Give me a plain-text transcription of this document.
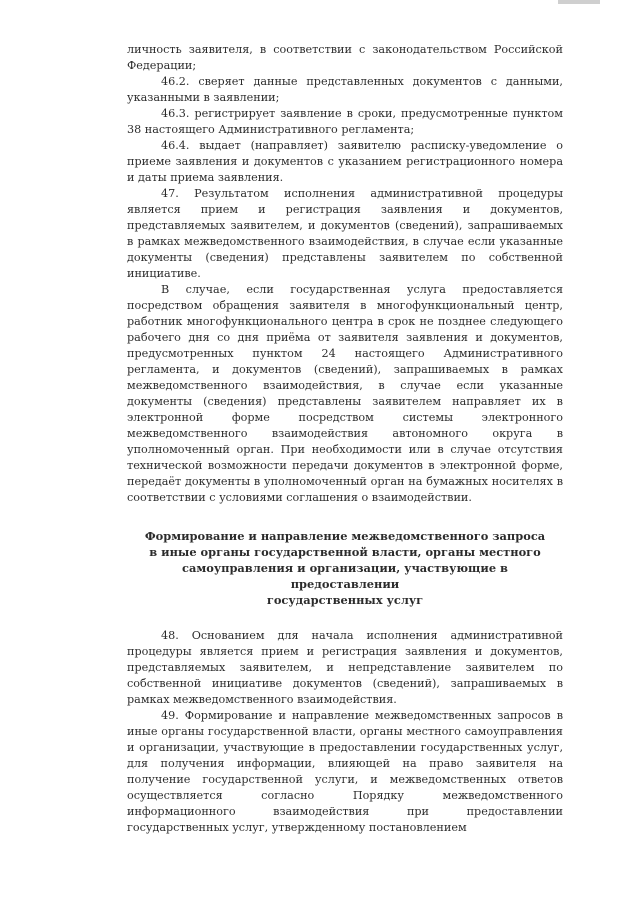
личность заявителя, в соответствии с законодательством Российской Федерации;

46.2. сверяет данные представленных документов с данными, указанными в заявлении;

46.3. регистрирует заявление в сроки, предусмотренные пунктом 38 настоящего Административного регламента;

46.4. выдает (направляет) заявителю расписку-уведомление о приеме заявления и документов с указанием регистрационного номера и даты приема заявления.

47. Результатом исполнения административной процедуры является прием и регистрация заявления и документов, представляемых заявителем, и документов (сведений), запрашиваемых в рамках межведомственного взаимодействия, в случае если указанные документы (сведения) представлены заявителем по собственной инициативе.

В случае, если государственная услуга предоставляется посредством обращения заявителя в многофункциональный центр, работник многофункционального центра в срок не позднее следующего рабочего дня со дня приёма от заявителя заявления и документов, предусмотренных пунктом 24 настоящего Административного регламента, и документов (сведений), запрашиваемых в рамках межведомственного взаимодействия, в случае если указанные документы (сведения) представлены заявителем направляет их в электронной форме посредством системы электронного межведомственного взаимодействия автономного округа в уполномоченный орган. При необходимости или в случае отсутствия технической возможности передачи документов в электронной форме, передаёт документы в уполномоченный орган на бумажных носителях в соответствии с условиями соглашения о взаимодействии.

Формирование и направление межведомственного запроса
в иные органы государственной власти, органы местного
самоуправления и организации, участвующие в предоставлении
государственных услуг

48. Основанием для начала исполнения административной процедуры является прием и регистрация заявления и документов, представляемых заявителем, и непредставление заявителем по собственной инициативе документов (сведений), запрашиваемых в рамках межведомственного взаимодействия.

49. Формирование и направление межведомственных запросов в иные органы государственной власти, органы местного самоуправления и организации, участвующие в предоставлении государственных услуг, для получения информации, влияющей на право заявителя на получение государственной услуги, и межведомственных ответов осуществляется согласно Порядку межведомственного информационного взаимодействия при предоставлении государственных услуг, утвержденному постановлением
